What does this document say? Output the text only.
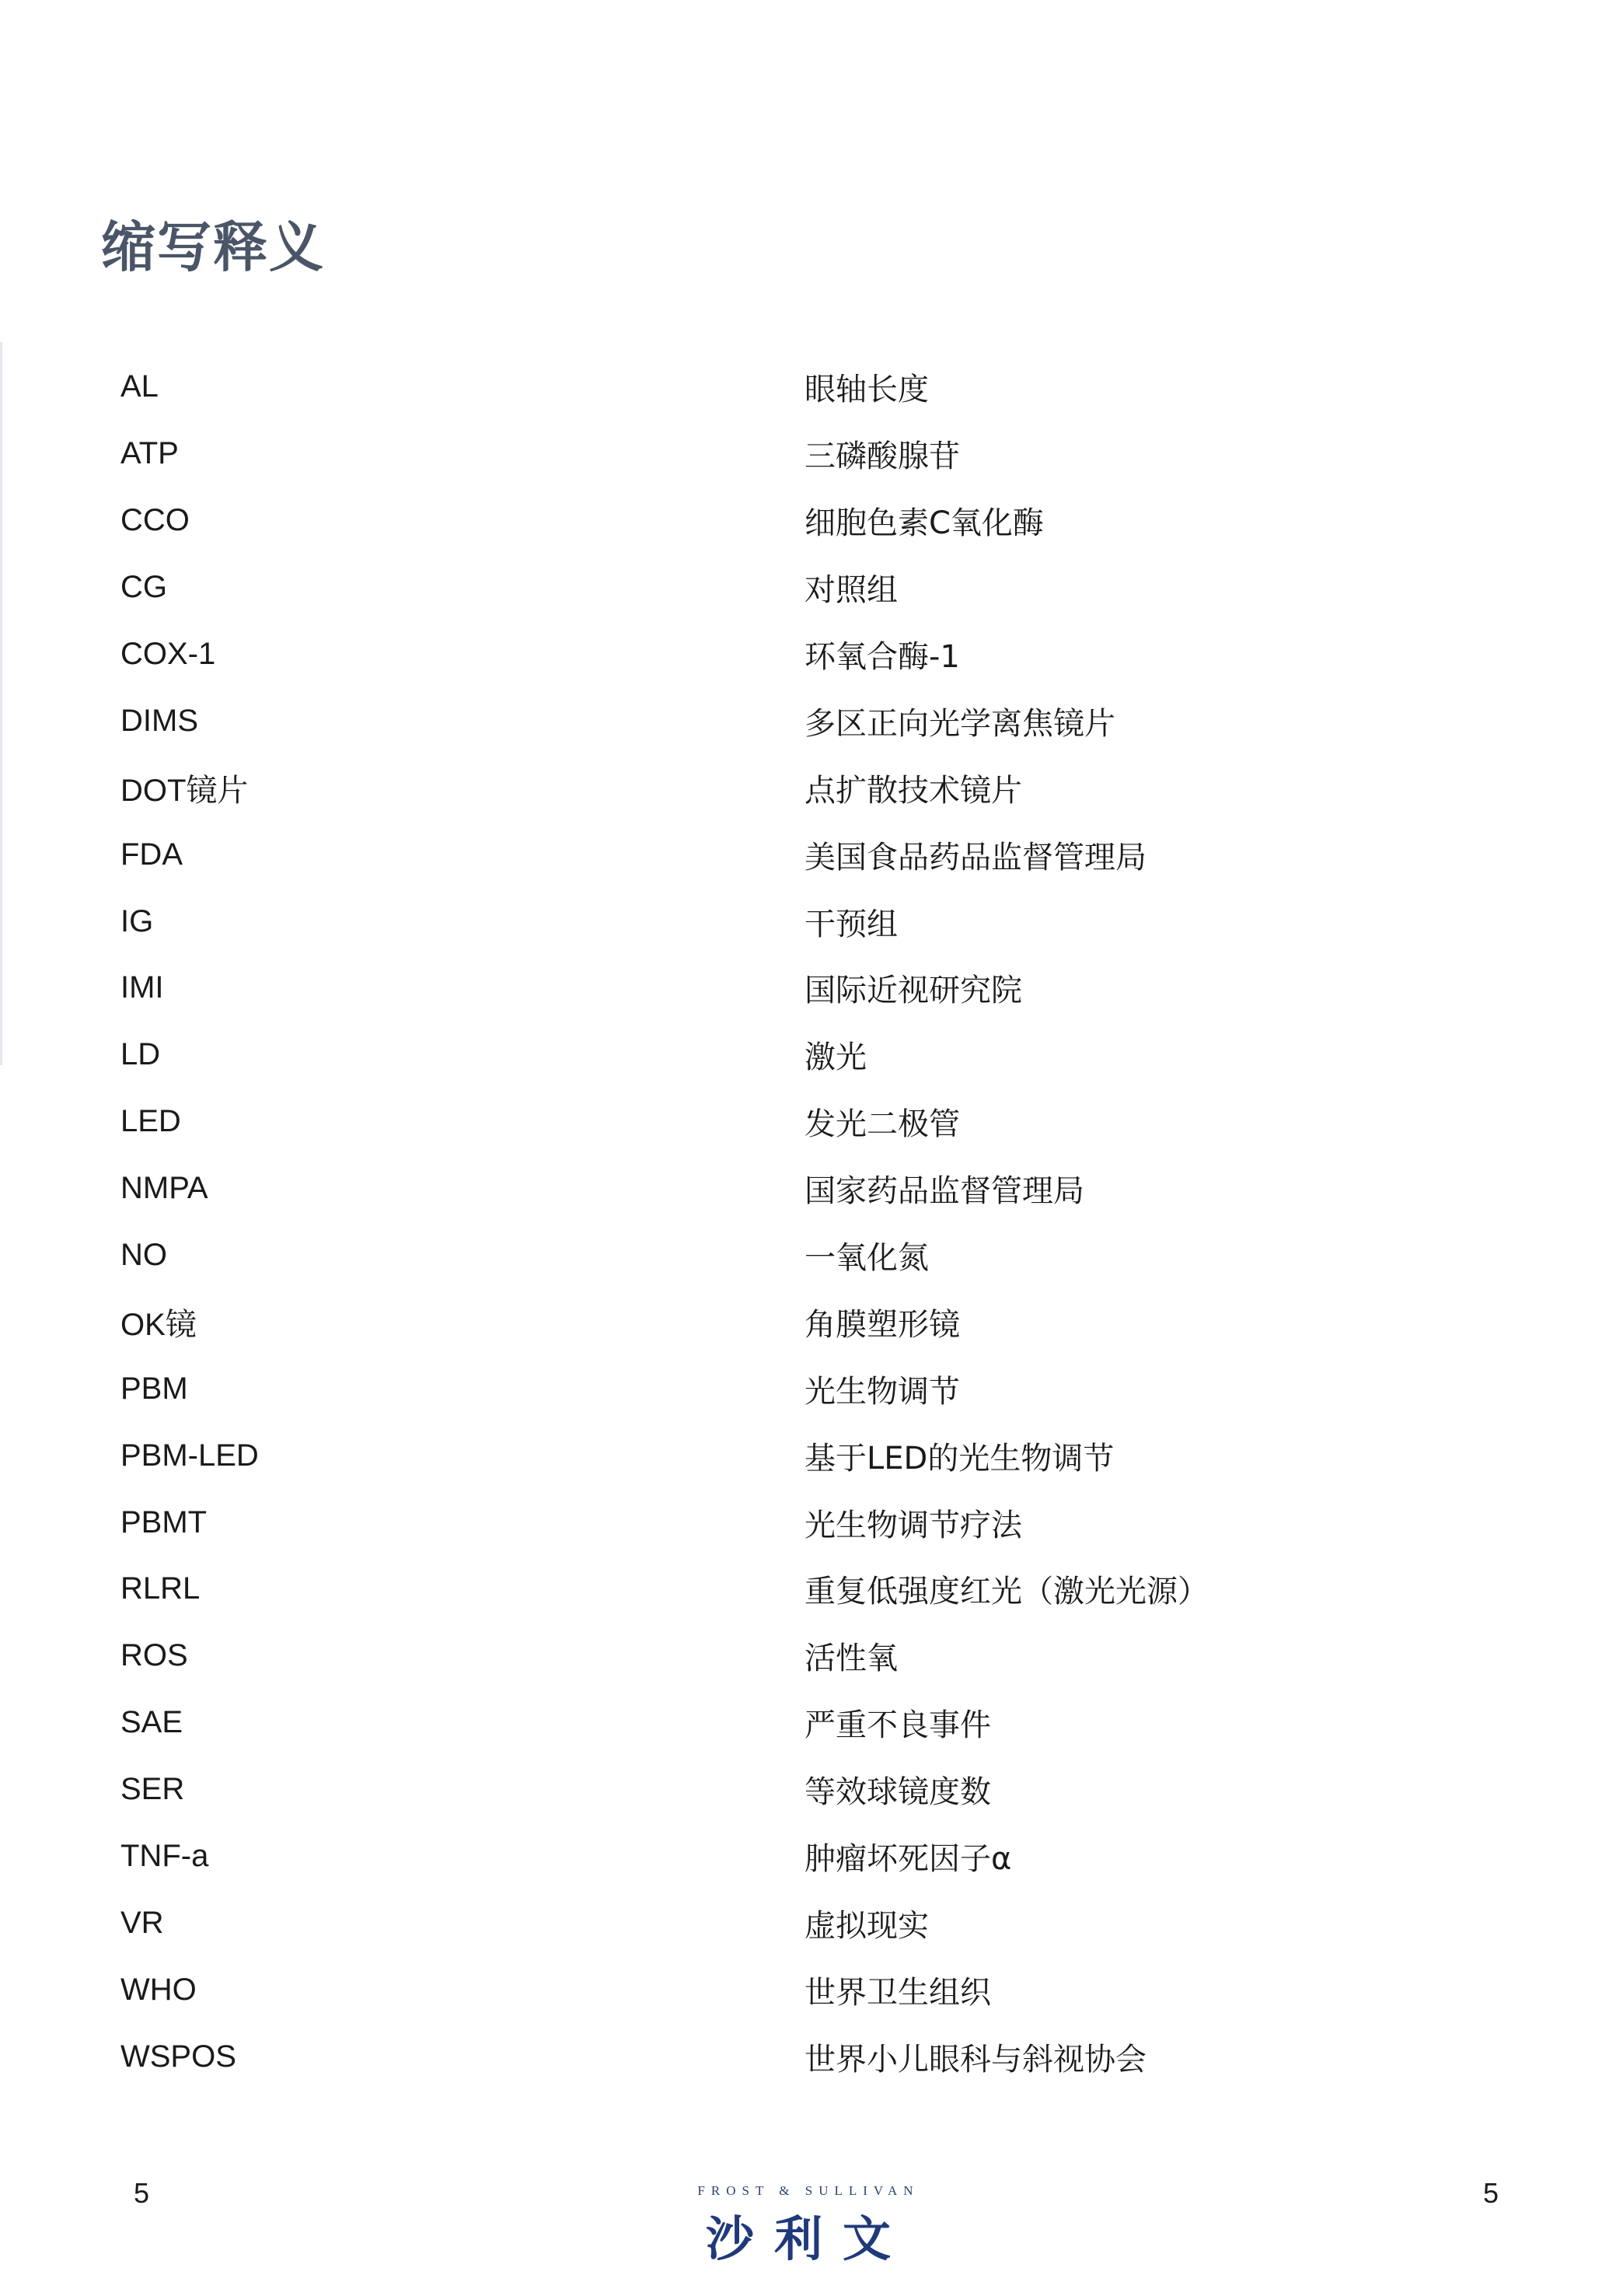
缩写释义
AL	眼轴长度
ATP	三磷酸腺苷
CCO	细胞色素C氧化酶
CG	对照组
COX-1	环氧合酶-1
DIMS	多区正向光学离焦镜片
DOT镜片	点扩散技术镜片
FDA	美国食品药品监督管理局
IG	干预组
IMI	国际近视研究院
LD	激光
LED	发光二极管
NMPA	国家药品监督管理局
NO	一氧化氮
OK镜	角膜塑形镜
PBM	光生物调节
PBM-LED	基于LED的光生物调节
PBMT	光生物调节疗法
RLRL	重复低强度红光（激光光源）
ROS	活性氧
SAE	严重不良事件
SER	等效球镜度数
TNF-a	肿瘤坏死因子α
VR	虚拟现实
WHO	世界卫生组织
WSPOS	世界小儿眼科与斜视协会
5	5
FROST & SULLIVAN
沙利文
